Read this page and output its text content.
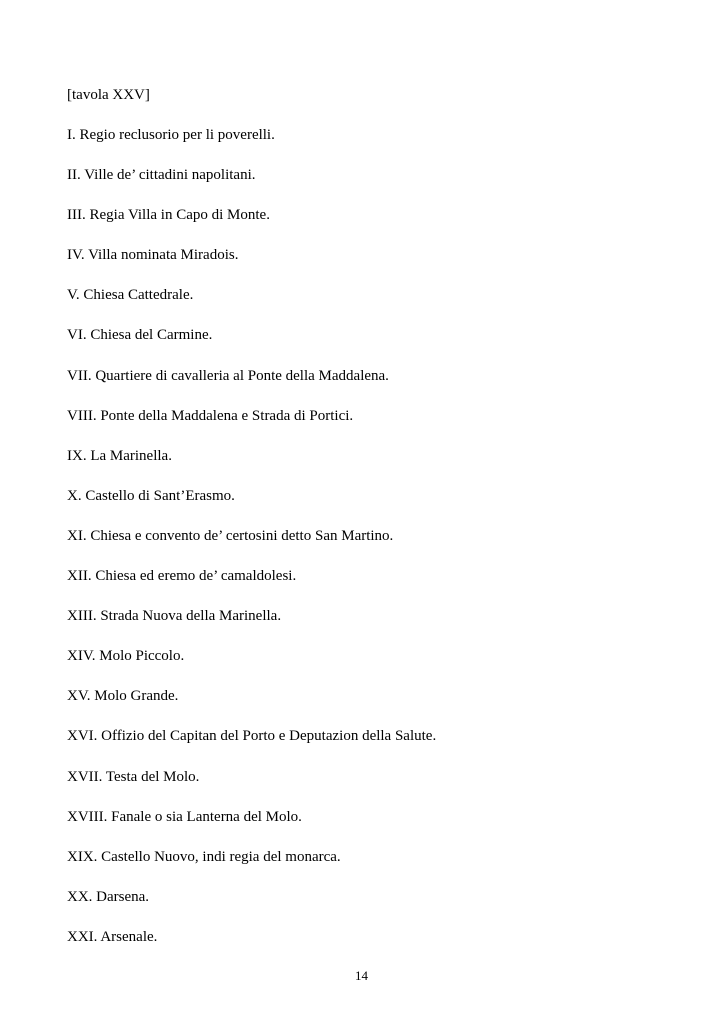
[tavola XXV]
I. Regio reclusorio per li poverelli.
II. Ville de’ cittadini napolitani.
III. Regia Villa in Capo di Monte.
IV. Villa nominata Miradois.
V. Chiesa Cattedrale.
VI. Chiesa del Carmine.
VII. Quartiere di cavalleria al Ponte della Maddalena.
VIII. Ponte della Maddalena e Strada di Portici.
IX. La Marinella.
X. Castello di Sant’Erasmo.
XI. Chiesa e convento de’ certosini detto San Martino.
XII. Chiesa ed eremo de’ camaldolesi.
XIII. Strada Nuova della Marinella.
XIV. Molo Piccolo.
XV. Molo Grande.
XVI. Offizio del Capitan del Porto e Deputazion della Salute.
XVII. Testa del Molo.
XVIII. Fanale o sia Lanterna del Molo.
XIX. Castello Nuovo, indi regia del monarca.
XX. Darsena.
XXI. Arsenale.
14
